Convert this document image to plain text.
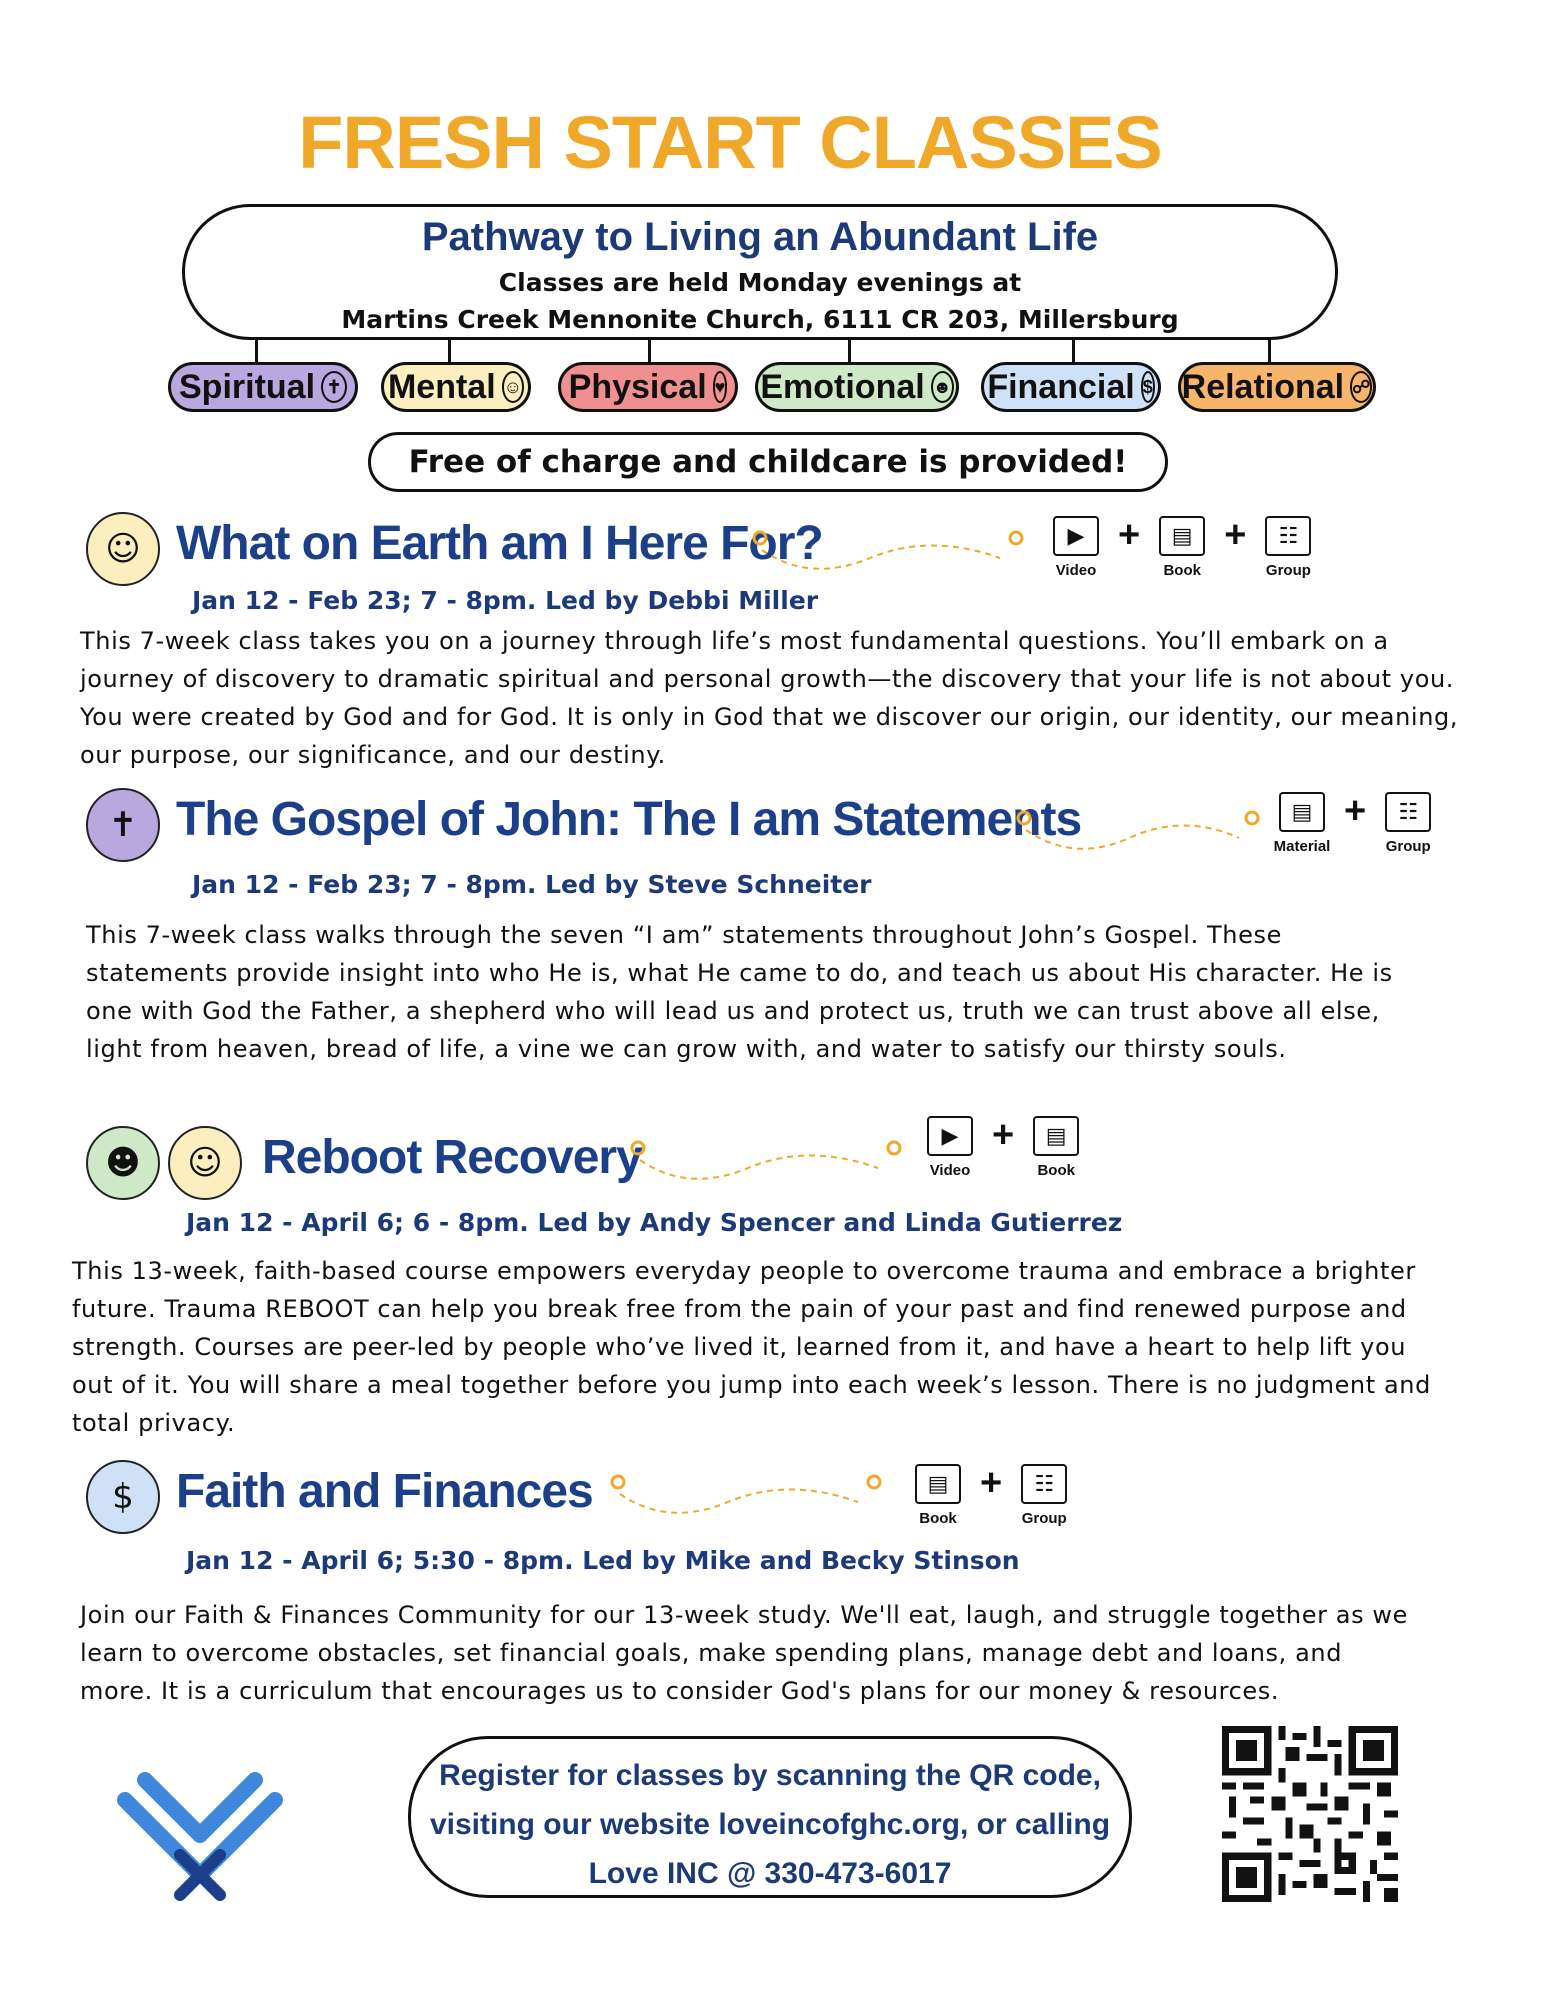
FRESH START CLASSES
Pathway to Living an Abundant Life
Classes are held Monday evenings at
Martins Creek Mennonite Church, 6111 CR 203, Millersburg
Spiritual ✝ Mental ☺ Physical ♥ Emotional ☻ Financial $ Relational ☍
Free of charge and childcare is provided!
☺ What on Earth am I Here For?	▶
Video
+	▤
Book
+	☷
Group
Jan 12 - Feb 23; 7 - 8pm. Led by Debbi Miller
This 7-week class takes you on a journey through life’s most fundamental questions. You’ll embark on a journey of discovery to dramatic spiritual and personal growth—the discovery that your life is not about you. You were created by God and for God. It is only in God that we discover our origin, our identity, our meaning, our purpose, our significance, and our destiny.
✝ The Gospel of John: The I am Statements	▤
Material
+	☷
Group
Jan 12 - Feb 23; 7 - 8pm. Led by Steve Schneiter
This 7-week class walks through the seven “I am” statements throughout John’s Gospel. These statements provide insight into who He is, what He came to do, and teach us about His character. He is one with God the Father, a shepherd who will lead us and protect us, truth we can trust above all else, light from heaven, bread of life, a vine we can grow with, and water to satisfy our thirsty souls.
☻	☺ Reboot Recovery	▶
Video
+	▤
Book
Jan 12 - April 6; 6 - 8pm. Led by Andy Spencer and Linda Gutierrez
This 13-week, faith-based course empowers everyday people to overcome trauma and embrace a brighter future. Trauma REBOOT can help you break free from the pain of your past and find renewed purpose and strength. Courses are peer-led by people who’ve lived it, learned from it, and have a heart to help lift you out of it. You will share a meal together before you jump into each week’s lesson. There is no judgment and total privacy.
$ Faith and Finances	▤
Book
+	☷
Group
Jan 12 - April 6; 5:30 - 8pm. Led by Mike and Becky Stinson
Join our Faith & Finances Community for our 13-week study. We'll eat, laugh, and struggle together as we learn to overcome obstacles, set financial goals, make spending plans, manage debt and loans, and more. It is a curriculum that encourages us to consider God's plans for our money & resources.
Register for classes by scanning the QR code,
visiting our website loveincofghc.org, or calling
Love INC @ 330-473-6017
